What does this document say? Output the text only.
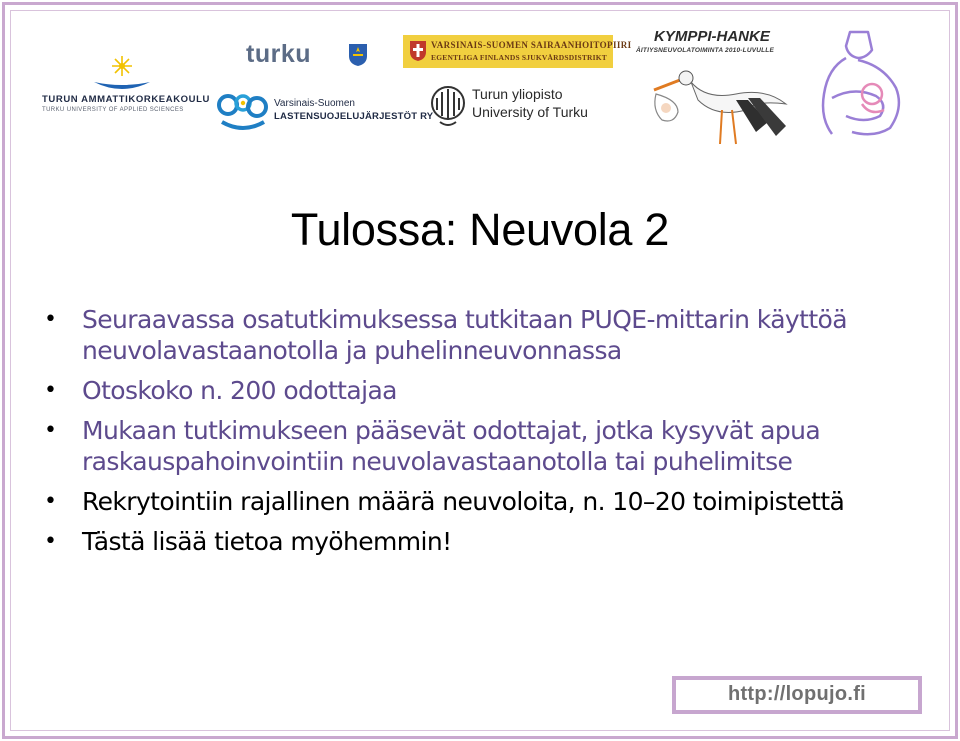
TURUN AMMATTIKORKEAKOULU
TURKU UNIVERSITY OF APPLIED SCIENCES
turku
Varsinais-Suomen
LASTENSUOJELUJÄRJESTÖT RY
VARSINAIS-SUOMEN SAIRAANHOITOPIIRI
EGENTLIGA FINLANDS SJUKVÅRDSDISTRIKT
Turun yliopisto
University of Turku
KYMPPI-HANKE
ÄITIYSNEUVOLATOIMINTA 2010-LUVULLE
Tulossa: Neuvola 2
•	Seuraavassa osatutkimuksessa tutkitaan PUQE-mittarin käyttöä neuvolavastaanotolla ja puhelinneuvonnassa
•	Otoskoko n. 200 odottajaa
•	Mukaan tutkimukseen pääsevät odottajat, jotka kysyvät apua raskauspahoinvointiin neuvolavastaanotolla tai puhelimitse
•	Rekrytointiin rajallinen määrä neuvoloita, n. 10–20 toimipistettä
•	Tästä lisää tietoa myöhemmin!
http://lopujo.fi
